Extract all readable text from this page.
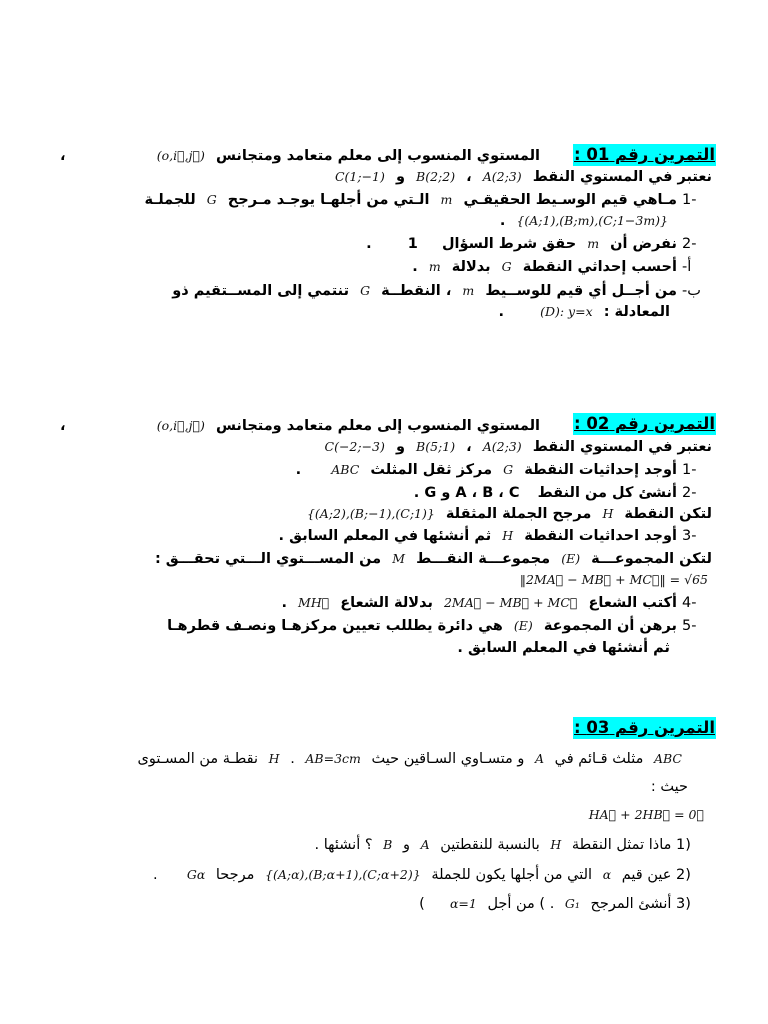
التمرين رقم 01 :
،	المستوي المنسوب إلى معلم متعامد ومتجانس (o,i⃗,j⃗)
نعتبر في المستوي النقط A(2;3) ، B(2;2) و C(1;−1)
-1 مـاهي قيم الوسـيط الحقيقـي m الـتي من أجلهـا يوجـد مـرجح G للجملـة
{(A;1),(B;m),(C;1−3m)} .
-2 نفرض أن m حقق شرط السؤال  1  .
أ- أحسب إحداثي النقطة G بدلالة m .
ب- من أجــل أي قيم للوســيط m ، النقطــة G تنتمي إلى المســتقيم ذو
المعادلة : (D): y=x  .
التمرين رقم 02 :
،	المستوي المنسوب إلى معلم متعامد ومتجانس (o,i⃗,j⃗)
نعتبر في المستوي النقط A(2;3) ، B(5;1) و C(−2;−3)
-1 أوجد إحداثيات النقطة G مركز ثقل المثلث ABC  .
-2 أنشئ كل من النقط  A ، B ، C و G .
لتكن النقطة H مرجح الجملة المثقلة {(A;2),(B;−1),(C;1)}
-3 أوجد احداثيات النقطة H ثم أنشئها في المعلم السابق .
لتكن المجموعـــة (E) مجموعـــة النقـــط M من المســـتوي الـــتي تحقـــق :
‖2MA⃗ − MB⃗ + MC⃗‖ = √65
-4 أكتب الشعاع 2MA⃗ − MB⃗ + MC⃗ بدلالة الشعاع MH⃗ .
-5 برهن أن المجموعة (E) هي دائرة يطللب تعيين مركزهـا ونصـف قطرهـا
ثم أنشئها في المعلم السابق .
التمرين رقم 03 :
ABC مثلث قـائم في A و متسـاوي السـاقين حيث AB=3cm . H نقطـة من المسـتوى
حيث :
HA⃗ + 2HB⃗ = 0⃗
(1 ماذا تمثل النقطة H بالنسبة للنقطتين A و B ؟ أنشئها .
(2 عين قيم α التي من أجلها يكون للجملة {(A;α),(B;α+1),(C;α+2)} مرجحا Gα  .
(3 أنشئ المرجح G₁ . ) من أجل α=1  )
